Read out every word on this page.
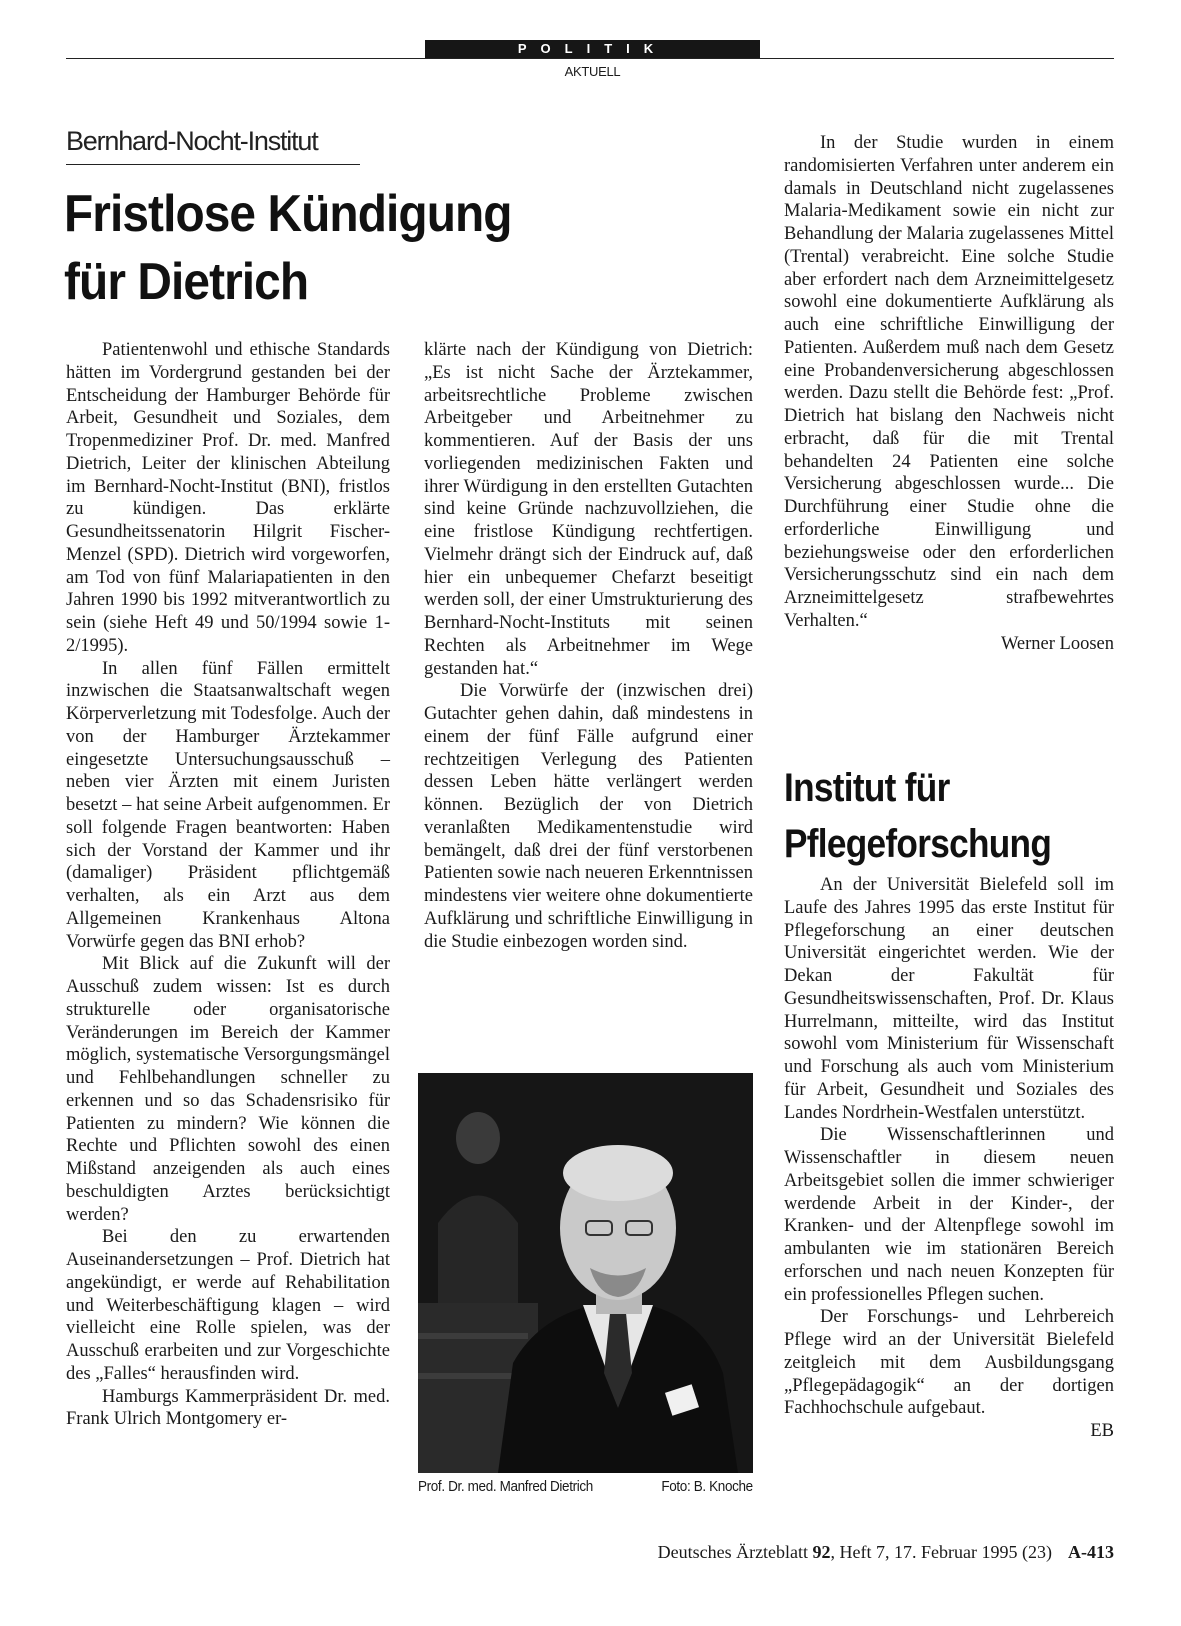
POLITIK
AKTUELL
Bernhard-Nocht-Institut
Fristlose Kündigung
für Dietrich

Patientenwohl und ethische Standards hätten im Vordergrund gestanden bei der Entscheidung der Hamburger Behörde für Arbeit, Gesundheit und Soziales, dem Tropenmediziner Prof. Dr. med. Manfred Dietrich, Leiter der klinischen Abteilung im Bernhard-Nocht-Institut (BNI), fristlos zu kündigen. Das erklärte Gesundheitssenatorin Hilgrit Fischer-Menzel (SPD). Dietrich wird vorgeworfen, am Tod von fünf Malariapatienten in den Jahren 1990 bis 1992 mitverantwortlich zu sein (siehe Heft 49 und 50/1994 sowie 1-2/1995).

In allen fünf Fällen ermittelt inzwischen die Staatsanwaltschaft wegen Körperverletzung mit Todesfolge. Auch der von der Hamburger Ärztekammer eingesetzte Untersuchungsausschuß – neben vier Ärzten mit einem Juristen besetzt – hat seine Arbeit aufgenommen. Er soll folgende Fragen beantworten: Haben sich der Vorstand der Kammer und ihr (damaliger) Präsident pflichtgemäß verhalten, als ein Arzt aus dem Allgemeinen Krankenhaus Altona Vorwürfe gegen das BNI erhob?

Mit Blick auf die Zukunft will der Ausschuß zudem wissen: Ist es durch strukturelle oder organisatorische Veränderungen im Bereich der Kammer möglich, systematische Versorgungsmängel und Fehlbehandlungen schneller zu erkennen und so das Schadensrisiko für Patienten zu mindern? Wie können die Rechte und Pflichten sowohl des einen Mißstand anzeigenden als auch eines beschuldigten Arztes berücksichtigt werden?

Bei den zu erwartenden Auseinandersetzungen – Prof. Dietrich hat angekündigt, er werde auf Rehabilitation und Weiterbeschäftigung klagen – wird vielleicht eine Rolle spielen, was der Ausschuß erarbeiten und zur Vorgeschichte des „Falles“ herausfinden wird.

Hamburgs Kammerpräsident Dr. med. Frank Ulrich Montgomery er-

klärte nach der Kündigung von Dietrich: „Es ist nicht Sache der Ärztekammer, arbeitsrechtliche Probleme zwischen Arbeitgeber und Arbeitnehmer zu kommentieren. Auf der Basis der uns vorliegenden medizinischen Fakten und ihrer Würdigung in den erstellten Gutachten sind keine Gründe nachzuvollziehen, die eine fristlose Kündigung rechtfertigen. Vielmehr drängt sich der Eindruck auf, daß hier ein unbequemer Chefarzt beseitigt werden soll, der einer Umstrukturierung des Bernhard-Nocht-Instituts mit seinen Rechten als Arbeitnehmer im Wege gestanden hat.“

Die Vorwürfe der (inzwischen drei) Gutachter gehen dahin, daß mindestens in einem der fünf Fälle aufgrund einer rechtzeitigen Verlegung des Patienten dessen Leben hätte verlängert werden können. Bezüglich der von Dietrich veranlaßten Medikamentenstudie wird bemängelt, daß drei der fünf verstorbenen Patienten sowie nach neueren Erkenntnissen mindestens vier weitere ohne dokumentierte Aufklärung und schriftliche Einwilligung in die Studie einbezogen worden sind.

Prof. Dr. med. Manfred Dietrich	Foto: B. Knoche

In der Studie wurden in einem randomisierten Verfahren unter anderem ein damals in Deutschland nicht zugelassenes Malaria-Medikament sowie ein nicht zur Behandlung der Malaria zugelassenes Mittel (Trental) verabreicht. Eine solche Studie aber erfordert nach dem Arzneimittelgesetz sowohl eine dokumentierte Aufklärung als auch eine schriftliche Einwilligung der Patienten. Außerdem muß nach dem Gesetz eine Probandenversicherung abgeschlossen werden. Dazu stellt die Behörde fest: „Prof. Dietrich hat bislang den Nachweis nicht erbracht, daß für die mit Trental behandelten 24 Patienten eine solche Versicherung abgeschlossen wurde... Die Durchführung einer Studie ohne die erforderliche Einwilligung und beziehungsweise oder den erforderlichen Versicherungsschutz sind ein nach dem Arzneimittelgesetz strafbewehrtes Verhalten.“

Werner Loosen

Institut für
Pflegeforschung

An der Universität Bielefeld soll im Laufe des Jahres 1995 das erste Institut für Pflegeforschung an einer deutschen Universität eingerichtet werden. Wie der Dekan der Fakultät für Gesundheitswissenschaften, Prof. Dr. Klaus Hurrelmann, mitteilte, wird das Institut sowohl vom Ministerium für Wissenschaft und Forschung als auch vom Ministerium für Arbeit, Gesundheit und Soziales des Landes Nordrhein-Westfalen unterstützt.

Die Wissenschaftlerinnen und Wissenschaftler in diesem neuen Arbeitsgebiet sollen die immer schwieriger werdende Arbeit in der Kinder-, der Kranken- und der Altenpflege sowohl im ambulanten wie im stationären Bereich erforschen und nach neuen Konzepten für ein professionelles Pflegen suchen.

Der Forschungs- und Lehrbereich Pflege wird an der Universität Bielefeld zeitgleich mit dem Ausbildungsgang „Pflegepädagogik“ an der dortigen Fachhochschule aufgebaut.

EB

Deutsches Ärzteblatt 92, Heft 7, 17. Februar 1995 (23) A-413
